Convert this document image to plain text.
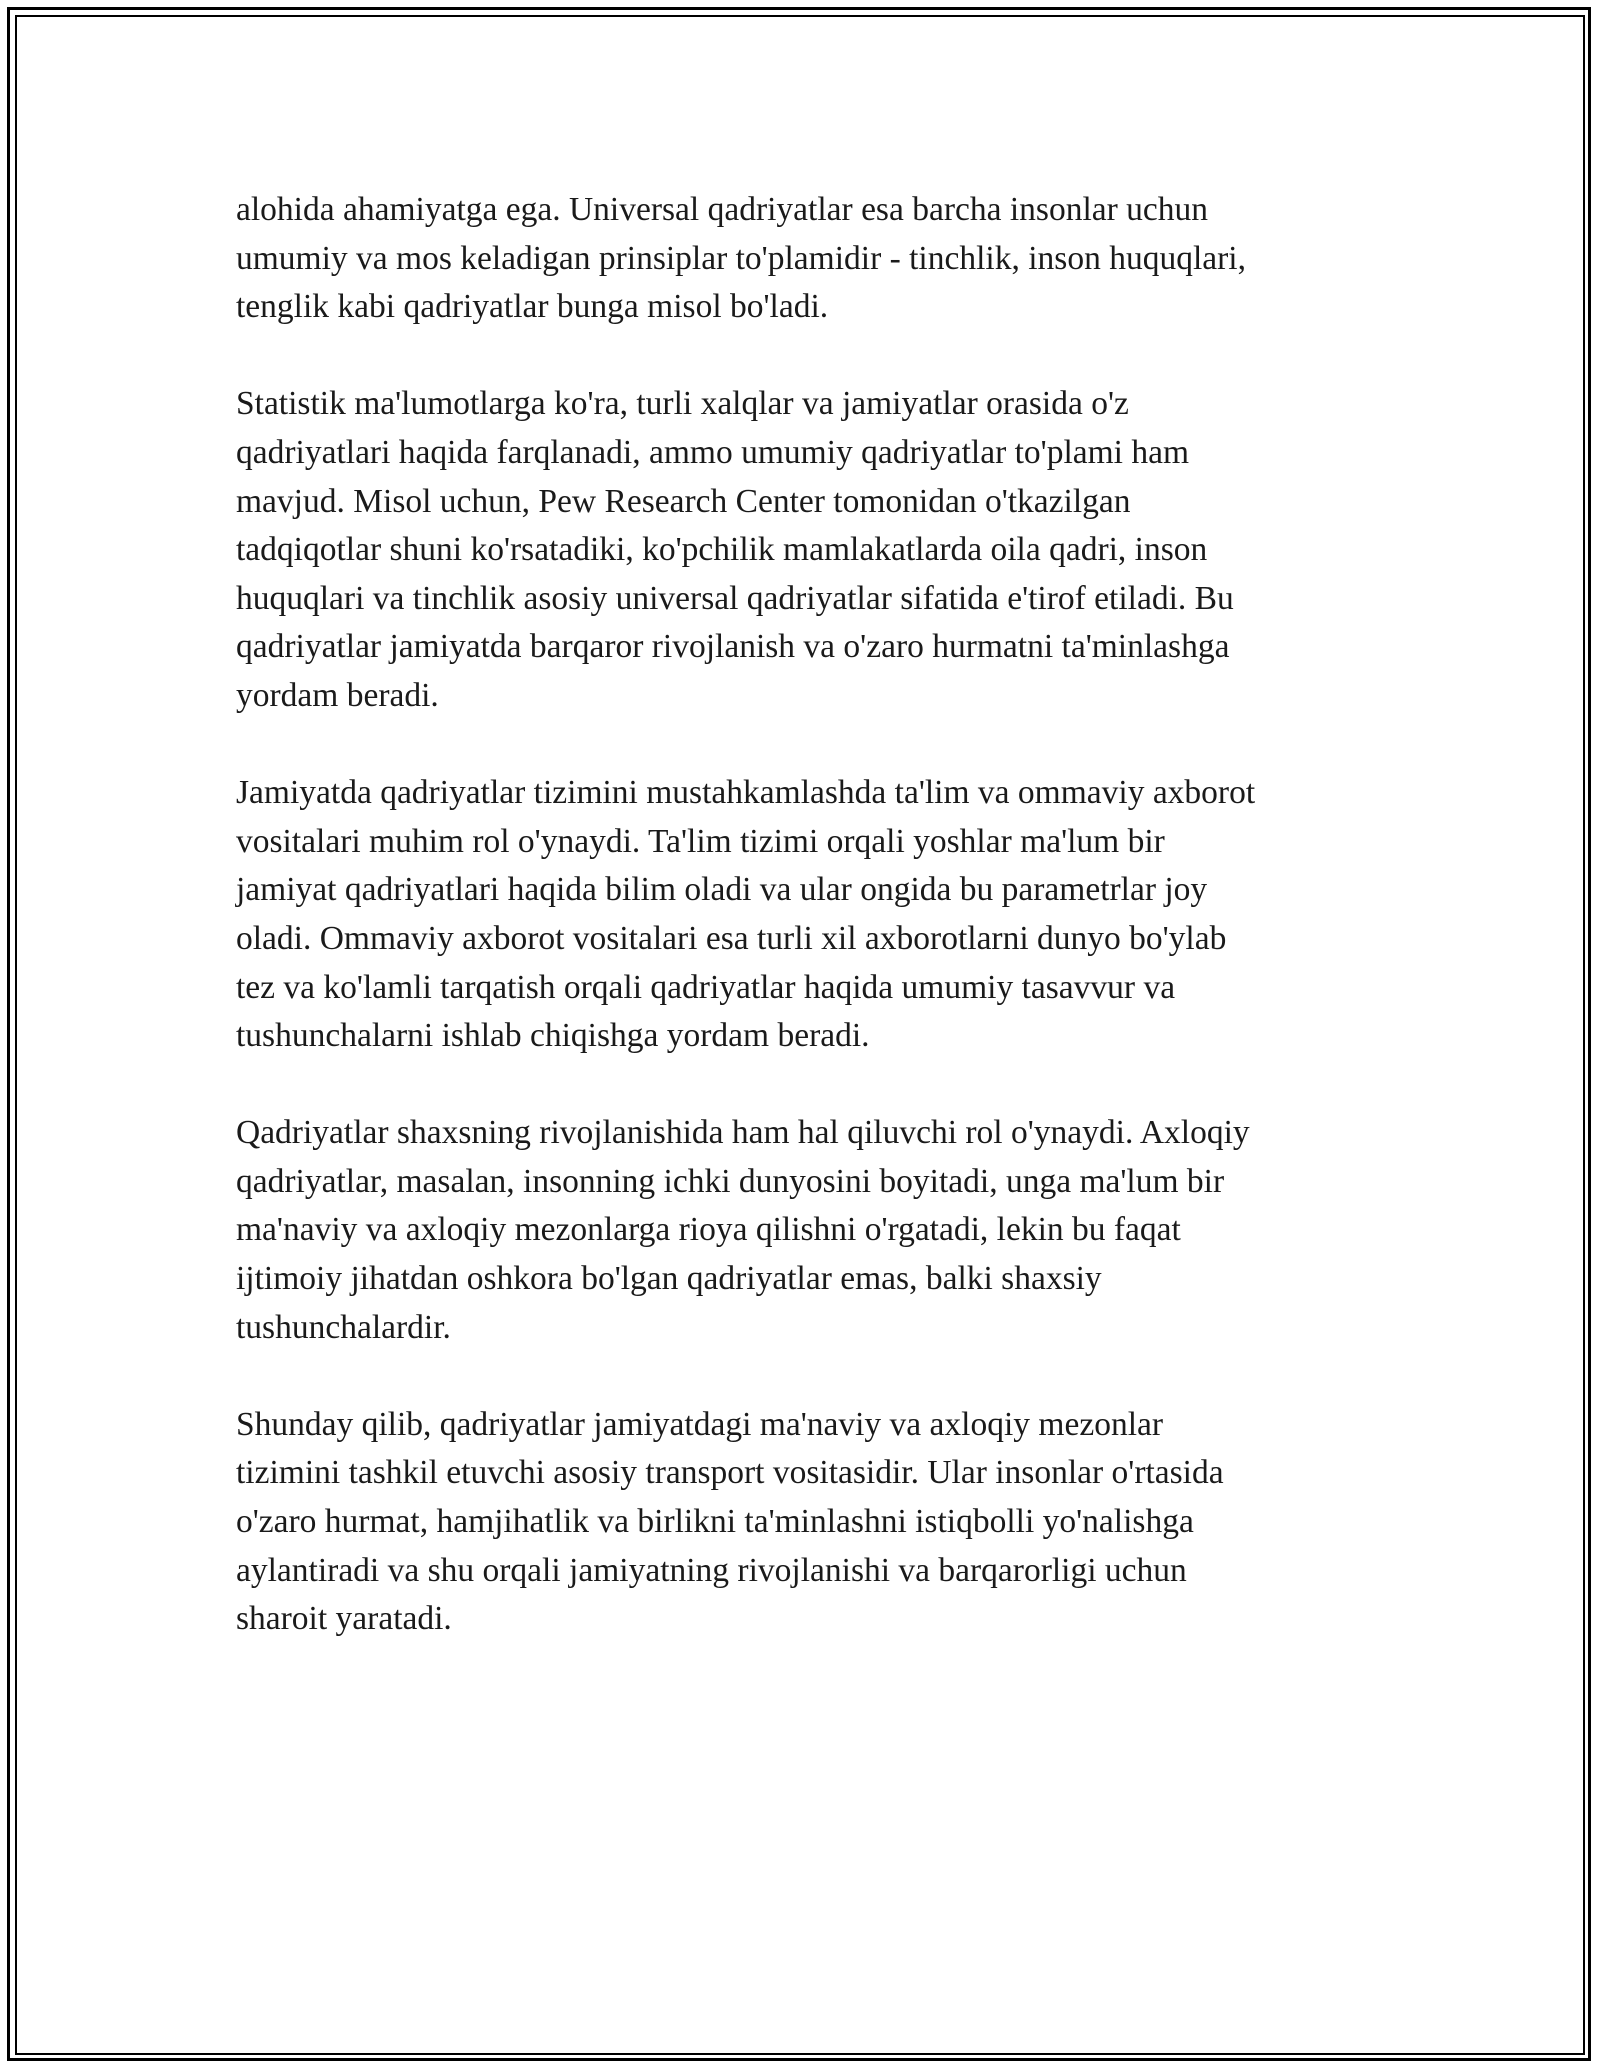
alohida ahamiyatga ega. Universal qadriyatlar esa barcha insonlar uchun
umumiy va mos keladigan prinsiplar to'plamidir - tinchlik, inson huquqlari,
tenglik kabi qadriyatlar bunga misol bo'ladi.

Statistik ma'lumotlarga ko'ra, turli xalqlar va jamiyatlar orasida o'z
qadriyatlari haqida farqlanadi, ammo umumiy qadriyatlar to'plami ham
mavjud. Misol uchun, Pew Research Center tomonidan o'tkazilgan
tadqiqotlar shuni ko'rsatadiki, ko'pchilik mamlakatlarda oila qadri, inson
huquqlari va tinchlik asosiy universal qadriyatlar sifatida e'tirof etiladi. Bu
qadriyatlar jamiyatda barqaror rivojlanish va o'zaro hurmatni ta'minlashga
yordam beradi.

Jamiyatda qadriyatlar tizimini mustahkamlashda ta'lim va ommaviy axborot
vositalari muhim rol o'ynaydi. Ta'lim tizimi orqali yoshlar ma'lum bir
jamiyat qadriyatlari haqida bilim oladi va ular ongida bu parametrlar joy
oladi. Ommaviy axborot vositalari esa turli xil axborotlarni dunyo bo'ylab
tez va ko'lamli tarqatish orqali qadriyatlar haqida umumiy tasavvur va
tushunchalarni ishlab chiqishga yordam beradi.

Qadriyatlar shaxsning rivojlanishida ham hal qiluvchi rol o'ynaydi. Axloqiy
qadriyatlar, masalan, insonning ichki dunyosini boyitadi, unga ma'lum bir
ma'naviy va axloqiy mezonlarga rioya qilishni o'rgatadi, lekin bu faqat
ijtimoiy jihatdan oshkora bo'lgan qadriyatlar emas, balki shaxsiy
tushunchalardir.

Shunday qilib, qadriyatlar jamiyatdagi ma'naviy va axloqiy mezonlar
tizimini tashkil etuvchi asosiy transport vositasidir. Ular insonlar o'rtasida
o'zaro hurmat, hamjihatlik va birlikni ta'minlashni istiqbolli yo'nalishga
aylantiradi va shu orqali jamiyatning rivojlanishi va barqarorligi uchun
sharoit yaratadi.
